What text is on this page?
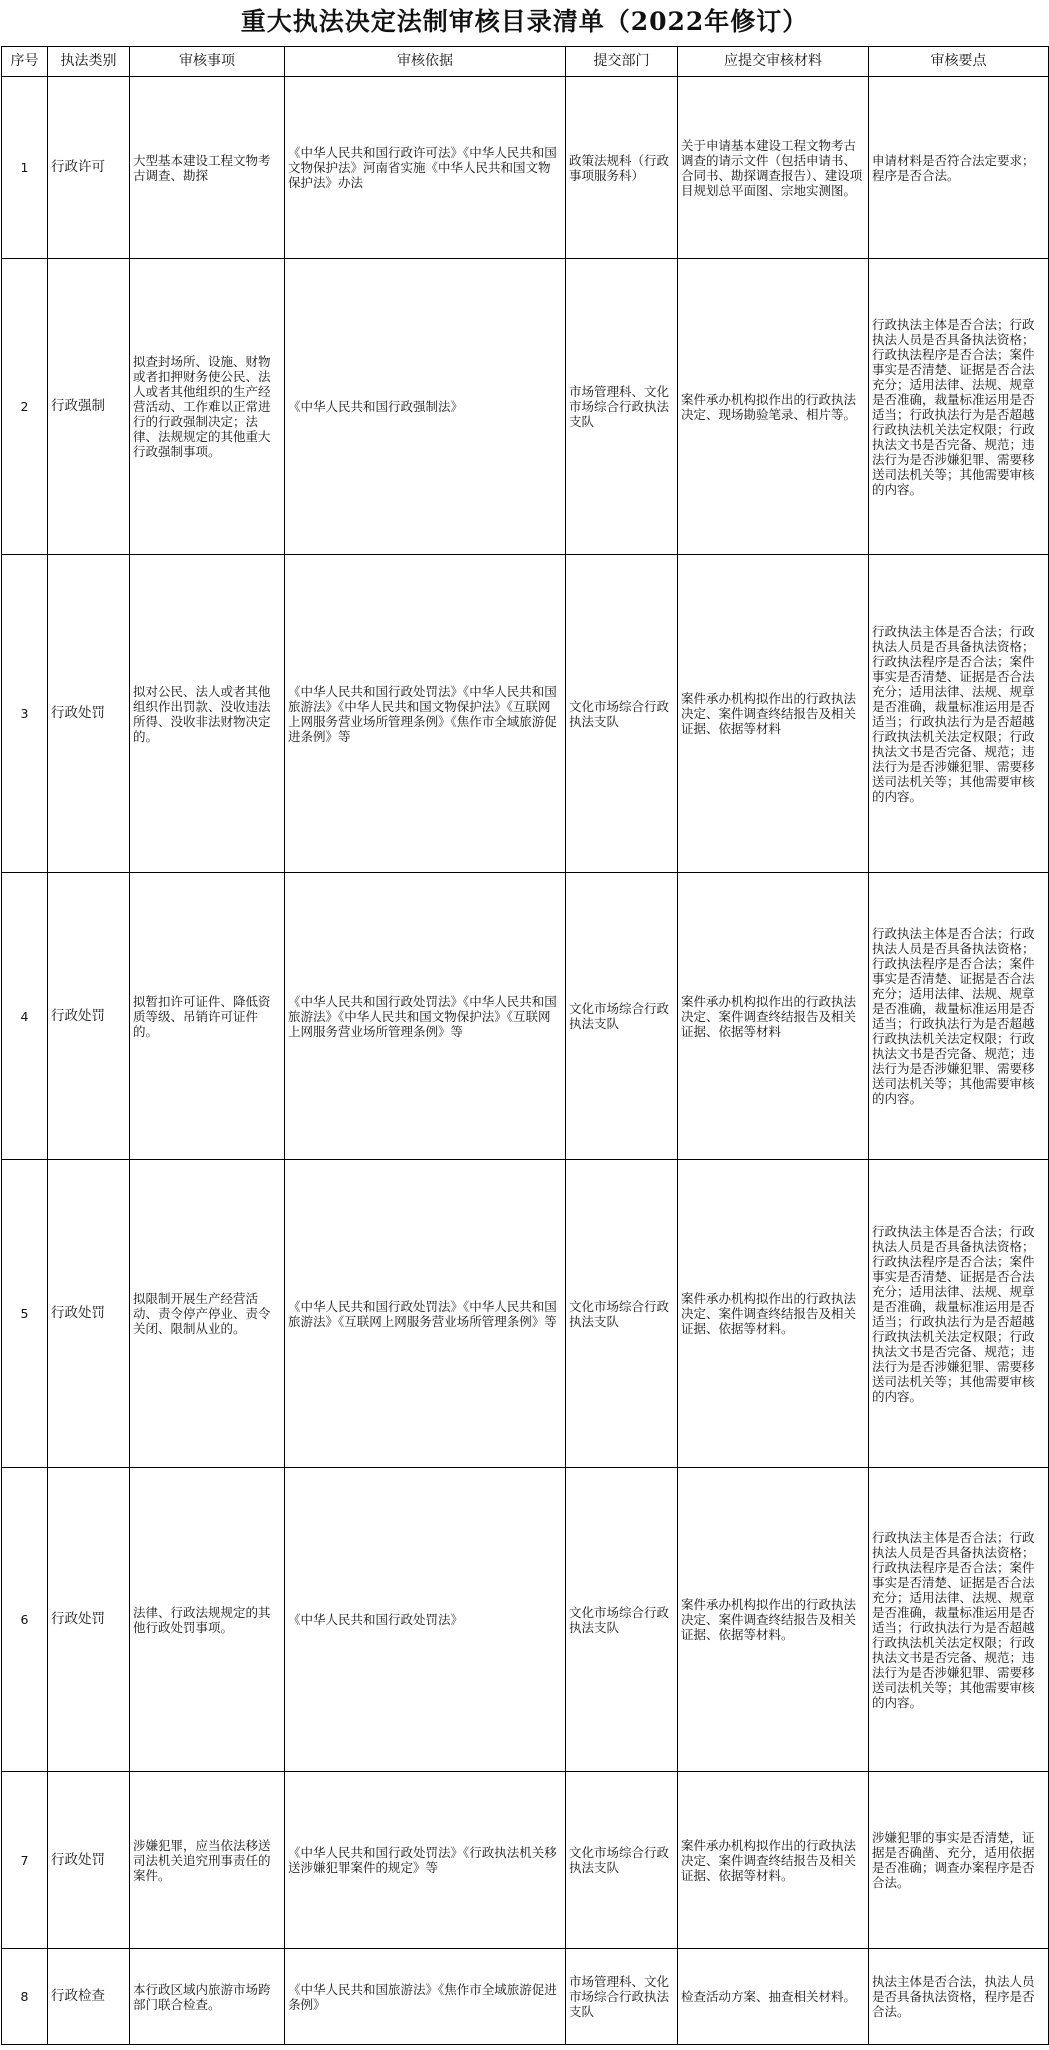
重大执法决定法制审核目录清单（2022年修订）
序号	执法类别	审核事项	审核依据	提交部门	应提交审核材料	审核要点
1	行政许可	大型基本建设工程文物考古调查、勘探	《中华人民共和国行政许可法》《中华人民共和国文物保护法》河南省实施《中华人民共和国文物保护法》办法	政策法规科（行政事项服务科）	关于申请基本建设工程文物考古调查的请示文件（包括申请书、合同书、勘探调查报告）、建设项目规划总平面图、宗地实测图。	申请材料是否符合法定要求；程序是否合法。
2	行政强制	拟查封场所、设施、财物或者扣押财务使公民、法人或者其他组织的生产经营活动、工作难以正常进行的行政强制决定；法律、法规规定的其他重大行政强制事项。	《中华人民共和国行政强制法》	市场管理科、文化市场综合行政执法支队	案件承办机构拟作出的行政执法决定、现场勘验笔录、相片等。	行政执法主体是否合法；行政执法人员是否具备执法资格；行政执法程序是否合法；案件事实是否清楚、证据是否合法充分；适用法律、法规、规章是否准确，裁量标准运用是否适当；行政执法行为是否超越行政执法机关法定权限；行政执法文书是否完备、规范；违法行为是否涉嫌犯罪、需要移送司法机关等；其他需要审核的内容。
3	行政处罚	拟对公民、法人或者其他组织作出罚款、没收违法所得、没收非法财物决定的。	《中华人民共和国行政处罚法》《中华人民共和国旅游法》《中华人民共和国文物保护法》《互联网上网服务营业场所管理条例》《焦作市全域旅游促进条例》等	文化市场综合行政执法支队	案件承办机构拟作出的行政执法决定、案件调查终结报告及相关证据、依据等材料	行政执法主体是否合法；行政执法人员是否具备执法资格；行政执法程序是否合法；案件事实是否清楚、证据是否合法充分；适用法律、法规、规章是否准确，裁量标准运用是否适当；行政执法行为是否超越行政执法机关法定权限；行政执法文书是否完备、规范；违法行为是否涉嫌犯罪、需要移送司法机关等；其他需要审核的内容。
4	行政处罚	拟暂扣许可证件、降低资质等级、吊销许可证件的。	《中华人民共和国行政处罚法》《中华人民共和国旅游法》《中华人民共和国文物保护法》《互联网上网服务营业场所管理条例》等	文化市场综合行政执法支队	案件承办机构拟作出的行政执法决定、案件调查终结报告及相关证据、依据等材料	行政执法主体是否合法；行政执法人员是否具备执法资格；行政执法程序是否合法；案件事实是否清楚、证据是否合法充分；适用法律、法规、规章是否准确，裁量标准运用是否适当；行政执法行为是否超越行政执法机关法定权限；行政执法文书是否完备、规范；违法行为是否涉嫌犯罪、需要移送司法机关等；其他需要审核的内容。
5	行政处罚	拟限制开展生产经营活动、责令停产停业、责令关闭、限制从业的。	《中华人民共和国行政处罚法》《中华人民共和国旅游法》《互联网上网服务营业场所管理条例》等	文化市场综合行政执法支队	案件承办机构拟作出的行政执法决定、案件调查终结报告及相关证据、依据等材料。	行政执法主体是否合法；行政执法人员是否具备执法资格；行政执法程序是否合法；案件事实是否清楚、证据是否合法充分；适用法律、法规、规章是否准确，裁量标准运用是否适当；行政执法行为是否超越行政执法机关法定权限；行政执法文书是否完备、规范；违法行为是否涉嫌犯罪、需要移送司法机关等；其他需要审核的内容。
6	行政处罚	法律、行政法规规定的其他行政处罚事项。	《中华人民共和国行政处罚法》	文化市场综合行政执法支队	案件承办机构拟作出的行政执法决定、案件调查终结报告及相关证据、依据等材料。	行政执法主体是否合法；行政执法人员是否具备执法资格；行政执法程序是否合法；案件事实是否清楚、证据是否合法充分；适用法律、法规、规章是否准确，裁量标准运用是否适当；行政执法行为是否超越行政执法机关法定权限；行政执法文书是否完备、规范；违法行为是否涉嫌犯罪、需要移送司法机关等；其他需要审核的内容。
7	行政处罚	涉嫌犯罪，应当依法移送司法机关追究刑事责任的案件。	《中华人民共和国行政处罚法》《行政执法机关移送涉嫌犯罪案件的规定》等	文化市场综合行政执法支队	案件承办机构拟作出的行政执法决定、案件调查终结报告及相关证据、依据等材料。	涉嫌犯罪的事实是否清楚，证据是否确凿、充分，适用依据是否准确；调查办案程序是否合法。
8	行政检查	本行政区域内旅游市场跨部门联合检查。	《中华人民共和国旅游法》《焦作市全域旅游促进条例》	市场管理科、文化市场综合行政执法支队	检查活动方案、抽查相关材料。	执法主体是否合法，执法人员是否具备执法资格，程序是否合法。
